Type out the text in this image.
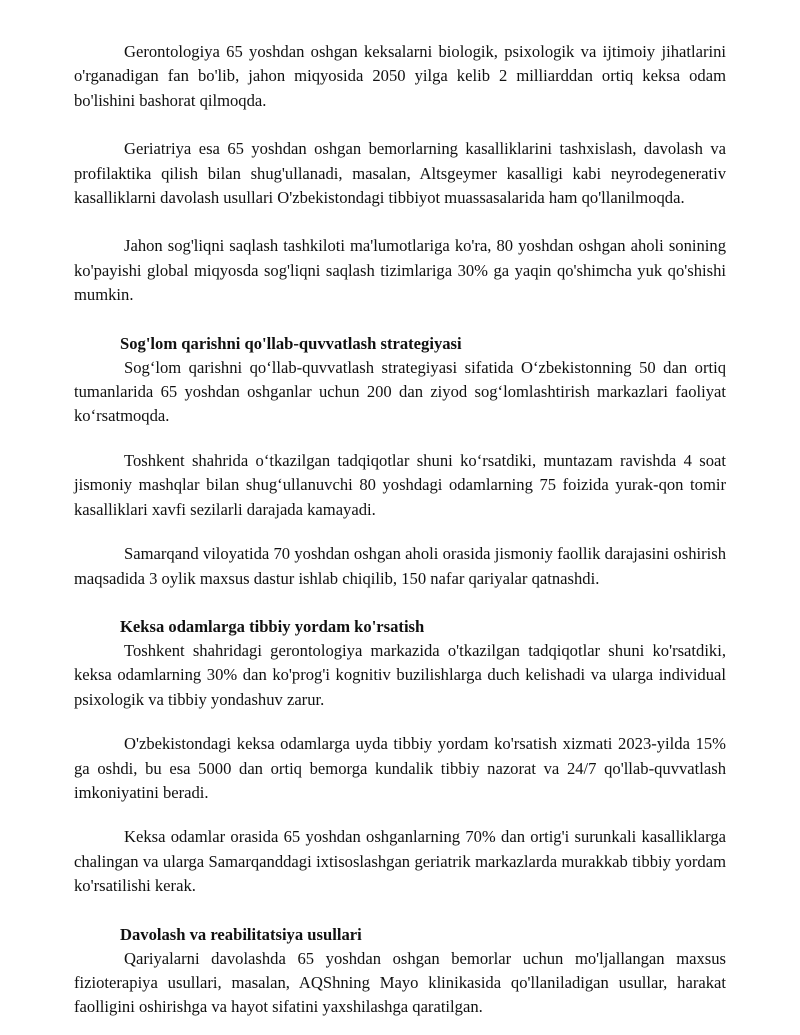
Gerontologiya 65 yoshdan oshgan keksalarni biologik, psixologik va ijtimoiy jihatlarini o'rganadigan fan bo'lib, jahon miqyosida 2050 yilga kelib 2 milliarddan ortiq keksa odam bo'lishini bashorat qilmoqda.

Geriatriya esa 65 yoshdan oshgan bemorlarning kasalliklarini tashxislash, davolash va profilaktika qilish bilan shug'ullanadi, masalan, Altsgeymer kasalligi kabi neyrodegenerativ kasalliklarni davolash usullari O'zbekistondagi tibbiyot muassasalarida ham qo'llanilmoqda.

Jahon sog'liqni saqlash tashkiloti ma'lumotlariga ko'ra, 80 yoshdan oshgan aholi sonining ko'payishi global miqyosda sog'liqni saqlash tizimlariga 30% ga yaqin qo'shimcha yuk qo'shishi mumkin.

Sog'lom qarishni qo'llab-quvvatlash strategiyasi

Sog‘lom qarishni qo‘llab-quvvatlash strategiyasi sifatida O‘zbekistonning 50 dan ortiq tumanlarida 65 yoshdan oshganlar uchun 200 dan ziyod sog‘lomlashtirish markazlari faoliyat ko‘rsatmoqda.

Toshkent shahrida o‘tkazilgan tadqiqotlar shuni ko‘rsatdiki, muntazam ravishda 4 soat jismoniy mashqlar bilan shug‘ullanuvchi 80 yoshdagi odamlarning 75 foizida yurak-qon tomir kasalliklari xavfi sezilarli darajada kamayadi.

Samarqand viloyatida 70 yoshdan oshgan aholi orasida jismoniy faollik darajasini oshirish maqsadida 3 oylik maxsus dastur ishlab chiqilib, 150 nafar qariyalar qatnashdi.

Keksa odamlarga tibbiy yordam ko'rsatish

Toshkent shahridagi gerontologiya markazida o'tkazilgan tadqiqotlar shuni ko'rsatdiki, keksa odamlarning 30% dan ko'prog'i kognitiv buzilishlarga duch kelishadi va ularga individual psixologik va tibbiy yondashuv zarur.

O'zbekistondagi keksa odamlarga uyda tibbiy yordam ko'rsatish xizmati 2023-yilda 15% ga oshdi, bu esa 5000 dan ortiq bemorga kundalik tibbiy nazorat va 24/7 qo'llab-quvvatlash imkoniyatini beradi.

Keksa odamlar orasida 65 yoshdan oshganlarning 70% dan ortig'i surunkali kasalliklarga chalingan va ularga Samarqanddagi ixtisoslashgan geriatrik markazlarda murakkab tibbiy yordam ko'rsatilishi kerak.

Davolash va reabilitatsiya usullari

Qariyalarni davolashda 65 yoshdan oshgan bemorlar uchun mo'ljallangan maxsus fizioterapiya usullari, masalan, AQShning Mayo klinikasida qo'llaniladigan usullar, harakat faolligini oshirishga va hayot sifatini yaxshilashga qaratilgan.
